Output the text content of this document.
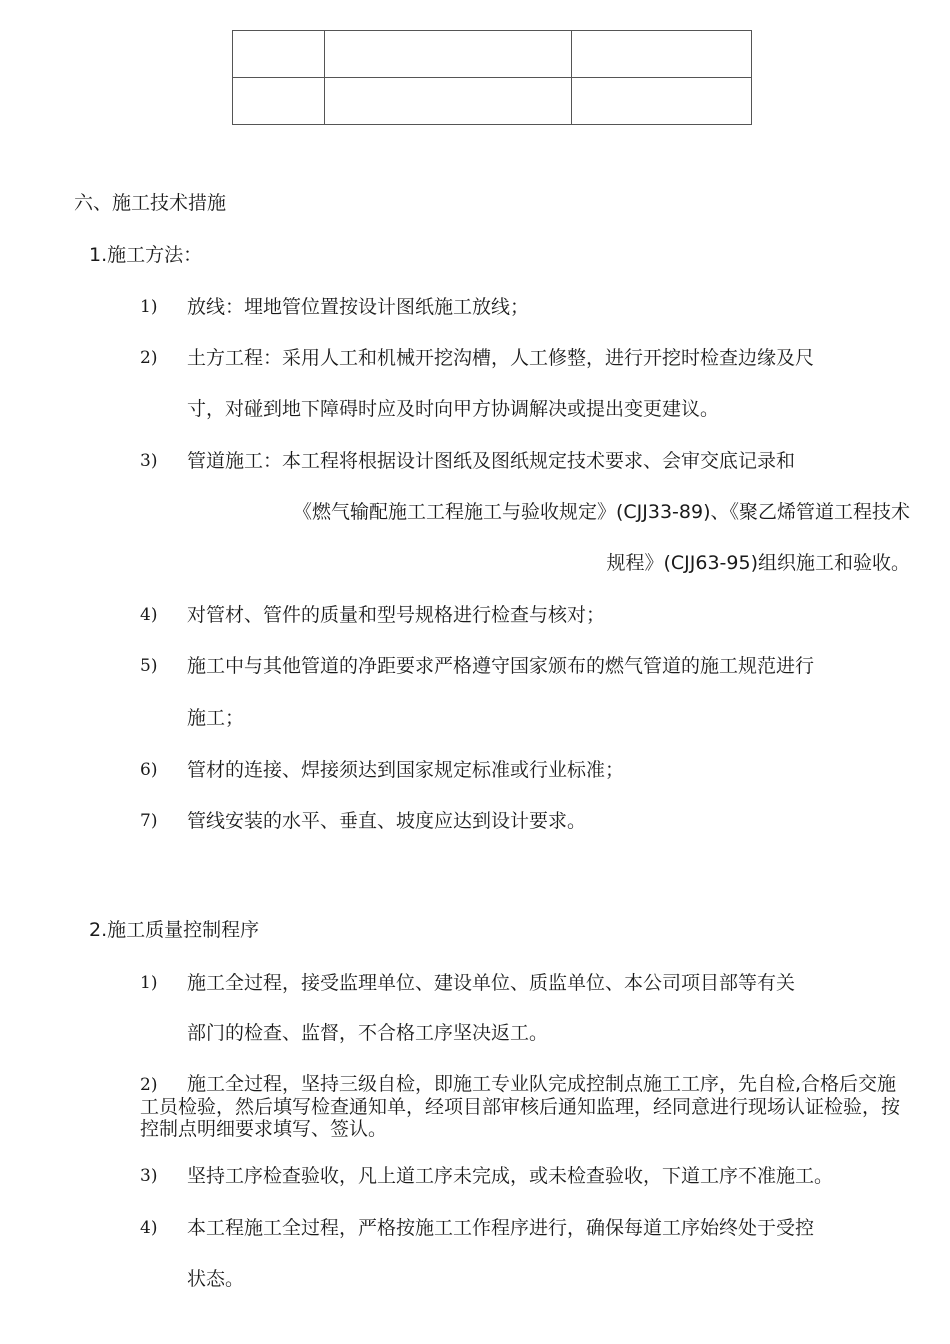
六、施工技术措施
1.施工方法：
1) 放线：埋地管位置按设计图纸施工放线；
2) 土方工程：采用人工和机械开挖沟槽，人工修整，进行开挖时检查边缘及尺
寸，对碰到地下障碍时应及时向甲方协调解决或提出变更建议。
3) 管道施工：本工程将根据设计图纸及图纸规定技术要求、会审交底记录和
《燃气输配施工工程施工与验收规定》(CJJ33-89)、《聚乙烯管道工程技术
规程》(CJJ63-95)组织施工和验收。
4) 对管材、管件的质量和型号规格进行检查与核对；
5) 施工中与其他管道的净距要求严格遵守国家颁布的燃气管道的施工规范进行
施工；
6) 管材的连接、焊接须达到国家规定标准或行业标准；
7) 管线安装的水平、垂直、坡度应达到设计要求。
2.施工质量控制程序
1) 施工全过程，接受监理单位、建设单位、质监单位、本公司项目部等有关
部门的检查、监督，不合格工序坚决返工。
2) 施工全过程，坚持三级自检，即施工专业队完成控制点施工工序，先自检,合格后交施工员检验，然后填写检查通知单，经项目部审核后通知监理，经同意进行现场认证检验，按控制点明细要求填写、签认。
3) 坚持工序检查验收，凡上道工序未完成，或未检查验收，下道工序不准施工。
4) 本工程施工全过程，严格按施工工作程序进行，确保每道工序始终处于受控
状态。
